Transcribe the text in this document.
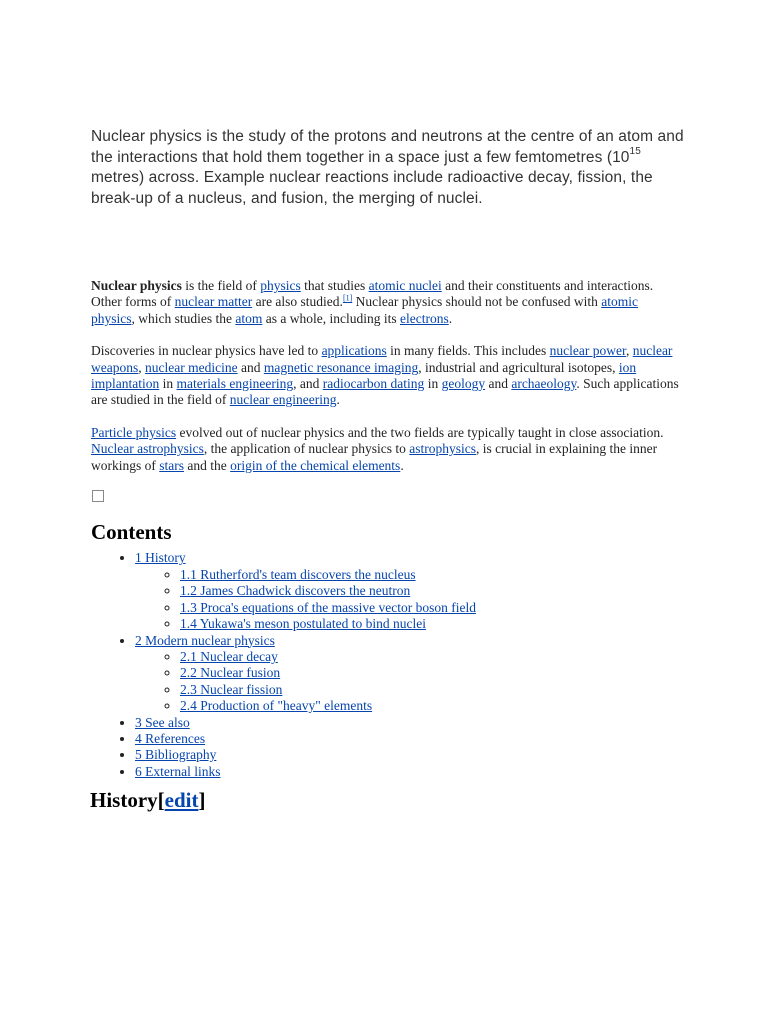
Nuclear physics is the study of the protons and neutrons at the centre of an atom and the interactions that hold them together in a space just a few femtometres ($10^{15}$ metres) across. Example nuclear reactions include radioactive decay, fission, the break-up of a nucleus, and fusion, the merging of nuclei.

Nuclear physics is the field of physics that studies atomic nuclei and their constituents and interactions. Other forms of nuclear matter are also studied.[1] Nuclear physics should not be confused with atomic physics, which studies the atom as a whole, including its electrons.

Discoveries in nuclear physics have led to applications in many fields. This includes nuclear power, nuclear weapons, nuclear medicine and magnetic resonance imaging, industrial and agricultural isotopes, ion implantation in materials engineering, and radiocarbon dating in geology and archaeology. Such applications are studied in the field of nuclear engineering.

Particle physics evolved out of nuclear physics and the two fields are typically taught in close association. Nuclear astrophysics, the application of nuclear physics to astrophysics, is crucial in explaining the inner workings of stars and the origin of the chemical elements.

Contents
• 1 History
◦ 1.1 Rutherford's team discovers the nucleus
◦ 1.2 James Chadwick discovers the neutron
◦ 1.3 Proca's equations of the massive vector boson field
◦ 1.4 Yukawa's meson postulated to bind nuclei
• 2 Modern nuclear physics
◦ 2.1 Nuclear decay
◦ 2.2 Nuclear fusion
◦ 2.3 Nuclear fission
◦ 2.4 Production of "heavy" elements
• 3 See also
• 4 References
• 5 Bibliography
• 6 External links
History[edit]
